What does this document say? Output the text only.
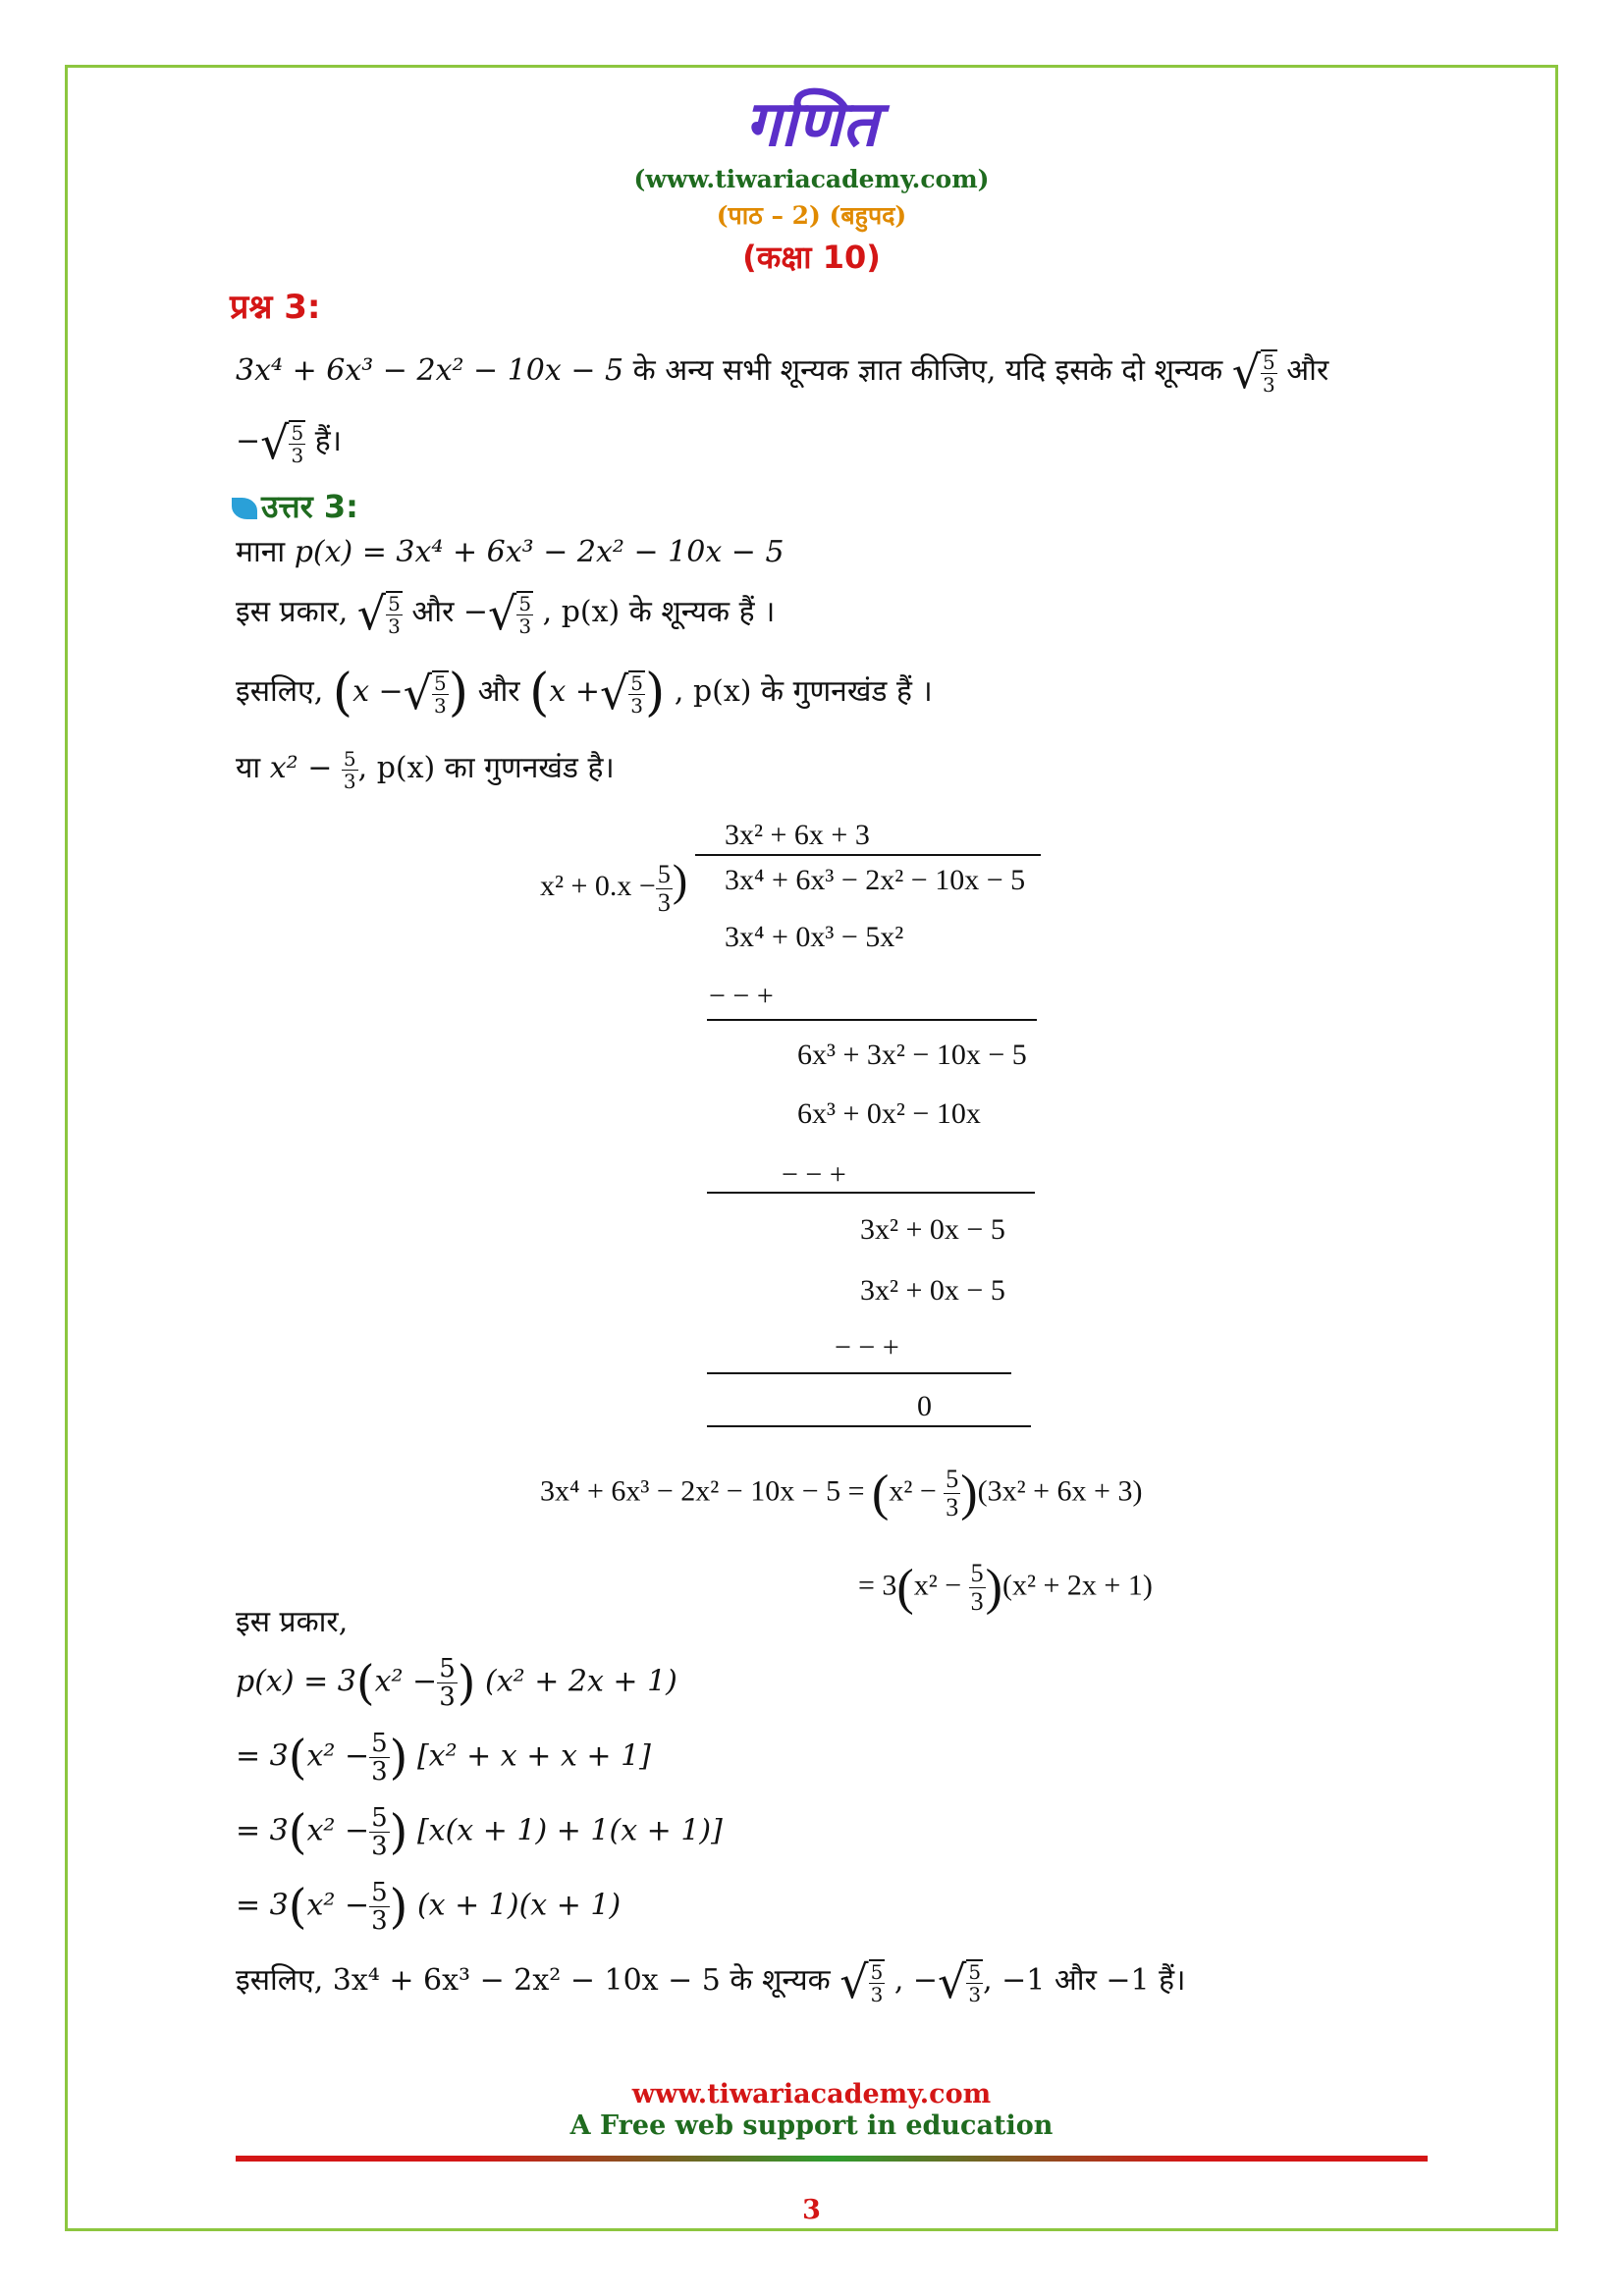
गणित
(www.tiwariacademy.com)
(पाठ – 2) (बहुपद)
(कक्षा 10)
प्रश्न 3:
3x⁴ + 6x³ − 2x² − 10x − 5 के अन्य सभी शून्यक ज्ञात कीजिए, यदि इसके दो शून्यक √ $\frac{5}{3}$ और
−√ $\frac{5}{3}$ हैं।
उत्तर 3:
माना p(x) = 3x⁴ + 6x³ − 2x² − 10x − 5
इस प्रकार, √ $\frac{5}{3}$ और −√ $\frac{5}{3}$ , p(x) के शून्यक हैं ।
इसलिए, (x −√ $\frac{5}{3}$ ) और (x +√ $\frac{5}{3}$ ) , p(x) के गुणनखंड हैं ।
या $x^2 - \frac{5}{3}$ , p(x) का गुणनखंड है।
3x² + 6x + 3
$x^2 + 0.x - \frac{5}{3}$ ) 3x⁴ + 6x³ − 2x² − 10x − 5
3x⁴ + 0x³ − 5x²
− − +
6x³ + 3x² − 10x − 5
6x³ + 0x² − 10x
− − +
3x² + 0x − 5
3x² + 0x − 5
− − +
0
$3x^4 + 6x^3 - 2x^2 - 10x - 5 = (x^2 - \frac{5}{3} )(3x^2 + 6x + 3)$
= $3(x^2 - \frac{5}{3} )(x^2 + 2x + 1)$
इस प्रकार,
$p(x) = 3(x^2 - \frac{5}{3}$ ) (x² + 2x + 1)
= $3(x^2 - \frac{5}{3}$ ) [x² + x + x + 1]
= $3(x^2 - \frac{5}{3}$ ) [x(x + 1) + 1(x + 1)]
= $3(x^2 - \frac{5}{3}$ ) (x + 1)(x + 1)
इसलिए, 3x⁴ + 6x³ − 2x² − 10x − 5 के शून्यक √ $\frac{5}{3}$ , −√ $\frac{5}{3}$ , −1 और −1 हैं।
www.tiwariacademy.com
A Free web support in education
3
